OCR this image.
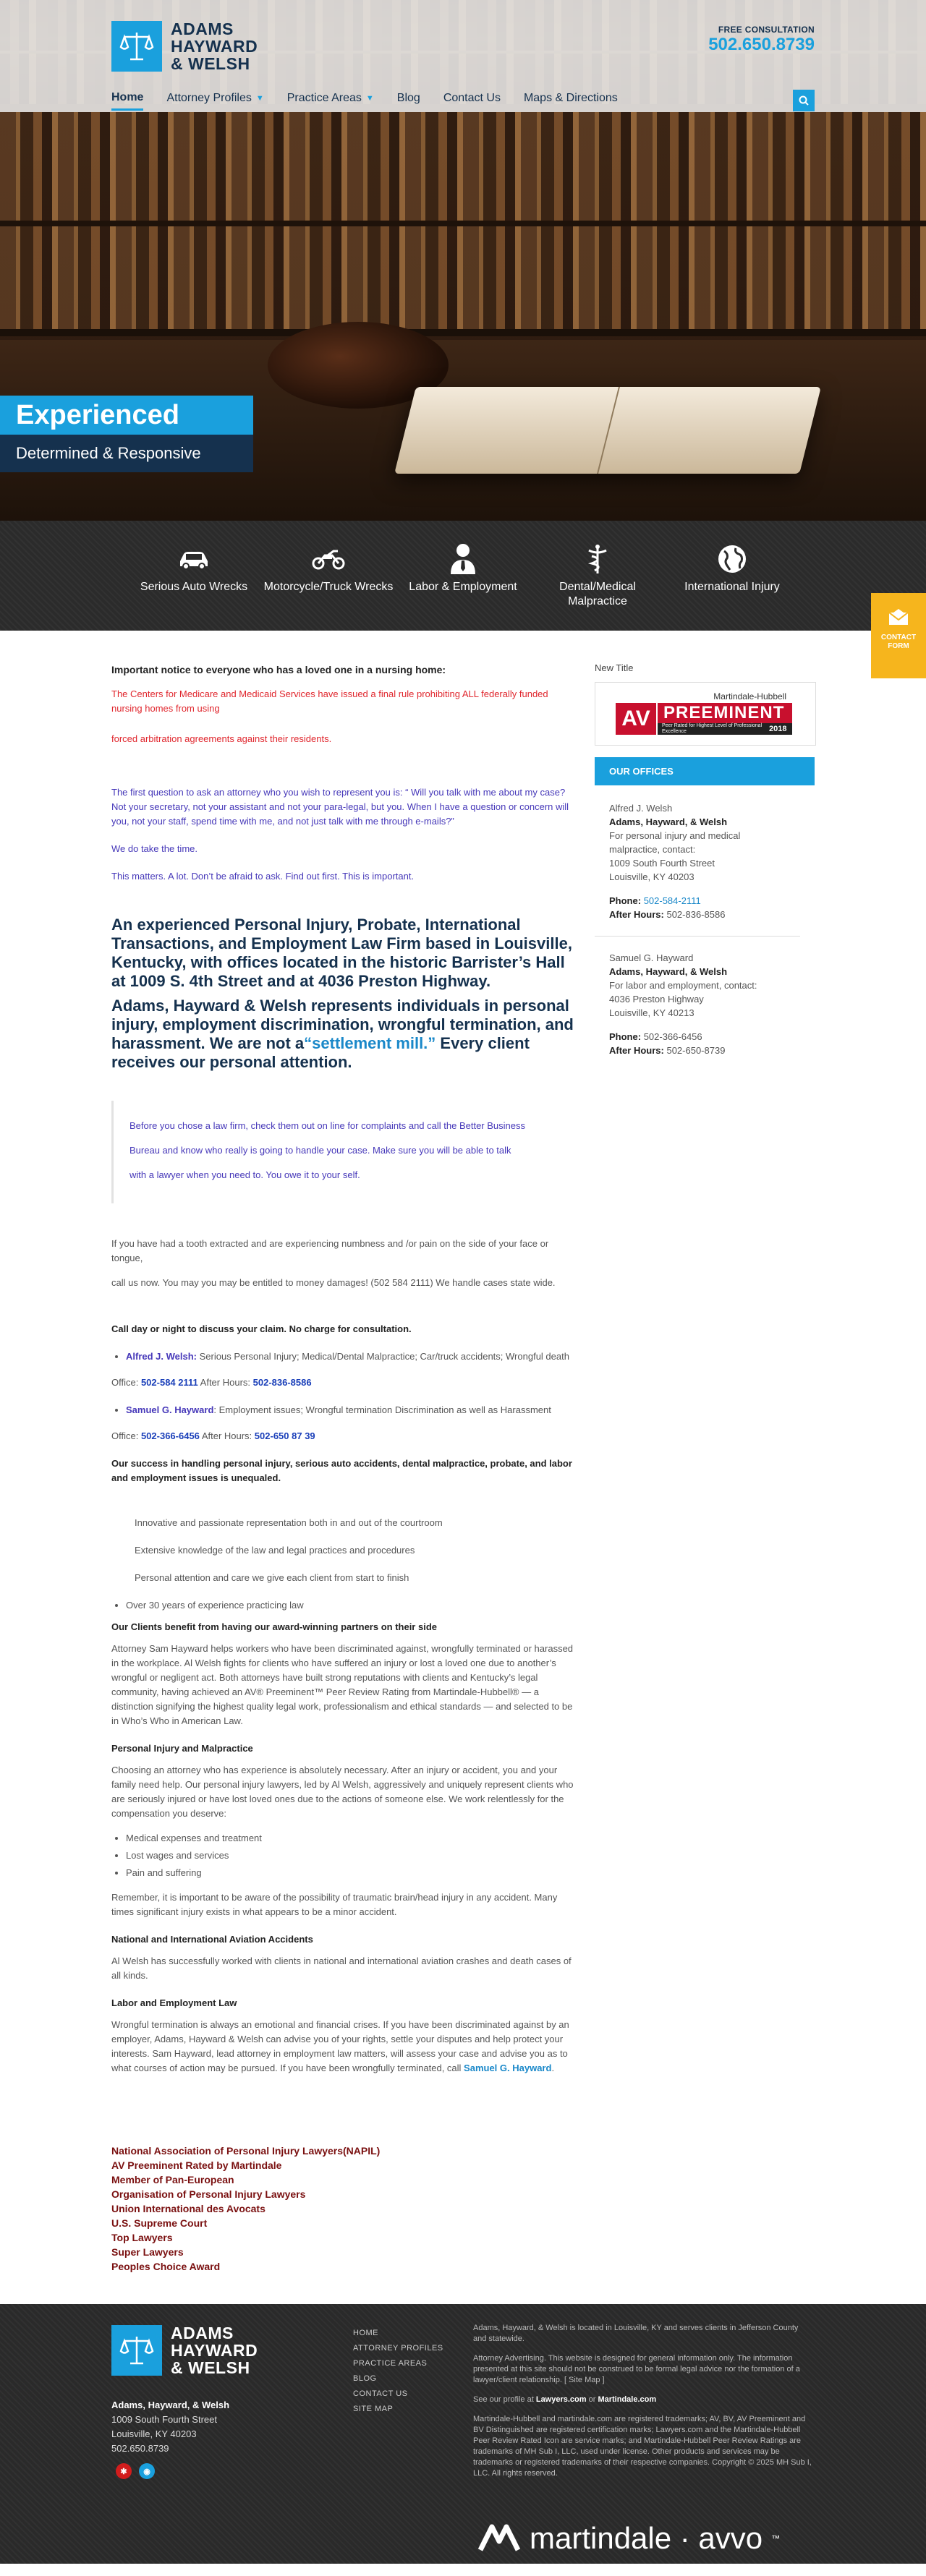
ADAMS
HAYWARD
& WELSH
FREE CONSULTATION
502.650.8739
Home Attorney Profiles ▼ Practice Areas ▼ Blog Contact Us Maps & Directions
Experienced
Determined & Responsive
Serious Auto Wrecks	Motorcycle/Truck Wrecks	Labor & Employment	Dental/Medical Malpractice
International Injury
CONTACT
FORM

Important notice to everyone who has a loved one in a nursing home:

The Centers for Medicare and Medicaid Services have issued a final rule prohibiting ALL federally funded nursing homes from using

forced arbitration agreements against their residents.

The first question to ask an attorney who you wish to represent you is: “ Will you talk with me about my case? Not your secretary, not your assistant and not your para-legal, but you. When I have a question or concern will you, not your staff, spend time with me, and not just talk with me through e-mails?”

We do take the time.

This matters. A lot. Don’t be afraid to ask. Find out first. This is important.

An experienced Personal Injury, Probate, International Transactions, and Employment Law Firm based in Louisville, Kentucky, with offices located in the historic Barrister’s Hall at 1009 S. 4th Street and at 4036 Preston Highway.
Adams, Hayward & Welsh represents individuals in personal injury, employment discrimination, wrongful termination, and harassment. We are not a“settlement mill.” Every client receives our personal attention.

Before you chose a law firm, check them out on line for complaints and call the Better Business

Bureau and know who really is going to handle your case. Make sure you will be able to talk

with a lawyer when you need to. You owe it to your self.

If you have had a tooth extracted and are experiencing numbness and /or pain on the side of your face or tongue,

call us now. You may you may be entitled to money damages! (502 584 2111) We handle cases state wide.

Call day or night to discuss your claim. No charge for consultation.

• Alfred J. Welsh: Serious Personal Injury; Medical/Dental Malpractice; Car/truck accidents; Wrongful death

Office: 502-584 2111 After Hours: 502-836-8586

• Samuel G. Hayward: Employment issues; Wrongful termination Discrimination as well as Harassment

Office: 502-366-6456 After Hours: 502-650 87 39

Our success in handling personal injury, serious auto accidents, dental malpractice, probate, and labor and employment issues is unequaled.

Innovative and passionate representation both in and out of the courtroom

Extensive knowledge of the law and legal practices and procedures

Personal attention and care we give each client from start to finish

• Over 30 years of experience practicing law

Our Clients benefit from having our award-winning partners on their side

Attorney Sam Hayward helps workers who have been discriminated against, wrongfully terminated or harassed in the workplace. Al Welsh fights for clients who have suffered an injury or lost a loved one due to another’s wrongful or negligent act. Both attorneys have built strong reputations with clients and Kentucky’s legal community, having achieved an AV® Preeminent™ Peer Review Rating from Martindale-Hubbell® — a distinction signifying the highest quality legal work, professionalism and ethical standards — and selected to be in Who’s Who in American Law.

Personal Injury and Malpractice

Choosing an attorney who has experience is absolutely necessary. After an injury or accident, you and your family need help. Our personal injury lawyers, led by Al Welsh, aggressively and uniquely represent clients who are seriously injured or have lost loved ones due to the actions of someone else. We work relentlessly for the compensation you deserve:

• Medical expenses and treatment
• Lost wages and services
• Pain and suffering

Remember, it is important to be aware of the possibility of traumatic brain/head injury in any accident. Many times significant injury exists in what appears to be a minor accident.

National and International Aviation Accidents

Al Welsh has successfully worked with clients in national and international aviation crashes and death cases of all kinds.

Labor and Employment Law

Wrongful termination is always an emotional and financial crises. If you have been discriminated against by an employer, Adams, Hayward & Welsh can advise you of your rights, settle your disputes and help protect your interests. Sam Hayward, lead attorney in employment law matters, will assess your case and advise you as to what courses of action may be pursued. If you have been wrongfully terminated, call Samuel G. Hayward.

New Title
Martindale-Hubbell
AV PREEMINENT
Peer Rated for Highest Level of Professional Excellence	2018
OUR OFFICES
Alfred J. Welsh
Adams, Hayward, & Welsh
For personal injury and medical malpractice, contact:
1009 South Fourth Street
Louisville, KY 40203
Phone: 502-584-2111
After Hours: 502-836-8586
Samuel G. Hayward
Adams, Hayward, & Welsh
For labor and employment, contact:
4036 Preston Highway
Louisville, KY 40213
Phone: 502-366-6456
After Hours: 502-650-8739
National Association of Personal Injury Lawyers(NAPIL)
AV Preeminent Rated by Martindale
Member of Pan-European
Organisation of Personal Injury Lawyers
Union International des Avocats
U.S. Supreme Court
Top Lawyers
Super Lawyers
Peoples Choice Award
ADAMS
HAYWARD
& WELSH
Adams, Hayward, & Welsh
1009 South Fourth Street
Louisville, KY 40203
502.650.8739
✱	◉
HOME
ATTORNEY PROFILES
PRACTICE AREAS
BLOG
CONTACT US
SITE MAP

Adams, Hayward, & Welsh is located in Louisville, KY and serves clients in Jefferson County and statewide.

Attorney Advertising. This website is designed for general information only. The information presented at this site should not be construed to be formal legal advice nor the formation of a lawyer/client relationship. [ Site Map ]

See our profile at Lawyers.com or Martindale.com

Martindale-Hubbell and martindale.com are registered trademarks; AV, BV, AV Preeminent and BV Distinguished are registered certification marks; Lawyers.com and the Martindale-Hubbell Peer Review Rated Icon are service marks; and Martindale-Hubbell Peer Review Ratings are trademarks of MH Sub I, LLC, used under license. Other products and services may be trademarks or registered trademarks of their respective companies. Copyright © 2025 MH Sub I, LLC. All rights reserved.

martindale · avvo ™
